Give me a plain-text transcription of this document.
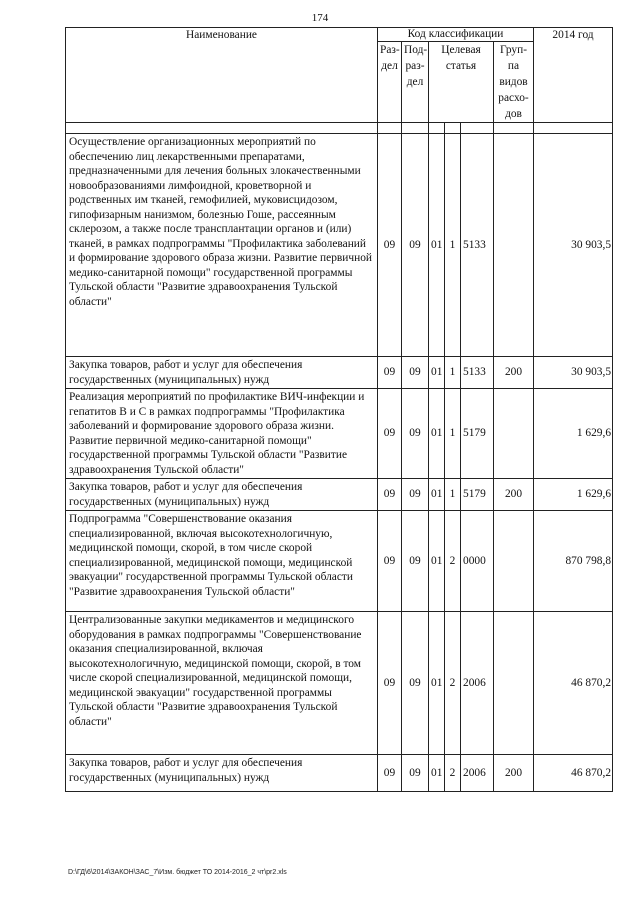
174
Наименование	Код классификации						2014 год
	Раз-дел	Под-раз-дел	Целевая статья			Груп-па видов расхо-дов	

Осуществление организационных мероприятий по обеспечению лиц лекарственными препаратами, предназначенными для лечения больных злокачественными новообразованиями лимфоидной, кроветворной и родственных им тканей, гемофилией, муковисцидозом, гипофизарным нанизмом, болезнью Гоше, рассеянным склерозом, а также после трансплантации органов и (или) тканей, в рамках подпрограммы "Профилактика заболеваний и формирование здорового образа жизни. Развитие первичной медико-санитарной помощи" государственной программы Тульской области "Развитие здравоохранения Тульской области"	09	09	01	1	5133		30 903,5
Закупка товаров, работ и услуг для обеспечения государственных (муниципальных) нужд	09	09	01	1	5133	200	30 903,5
Реализация мероприятий по профилактике ВИЧ-инфекции и гепатитов В и С в рамках подпрограммы "Профилактика заболеваний и формирование здорового образа жизни. Развитие первичной медико-санитарной помощи" государственной программы Тульской области "Развитие здравоохранения Тульской области"	09	09	01	1	5179		1 629,6
Закупка товаров, работ и услуг для обеспечения государственных (муниципальных) нужд	09	09	01	1	5179	200	1 629,6
Подпрограмма "Совершенствование оказания специализированной, включая высокотехнологичную, медицинской помощи, скорой, в том числе скорой специализированной, медицинской помощи, медицинской эвакуации" государственной программы Тульской области "Развитие здравоохранения Тульской области"	09	09	01	2	0000		870 798,8
Централизованные закупки медикаментов и медицинского оборудования в рамках подпрограммы "Совершенствование оказания специализированной, включая высокотехнологичную, медицинской помощи, скорой, в том числе скорой специализированной, медицинской помощи, медицинской эвакуации" государственной программы Тульской области "Развитие здравоохранения Тульской области"	09	09	01	2	2006		46 870,2
Закупка товаров, работ и услуг для обеспечения государственных (муниципальных) нужд	09	09	01	2	2006	200	46 870,2
D:\ГД\6\2014\ЗАКОН\ЗАС_7\Изм. бюджет ТО 2014-2016_2 чт\pr2.xls
